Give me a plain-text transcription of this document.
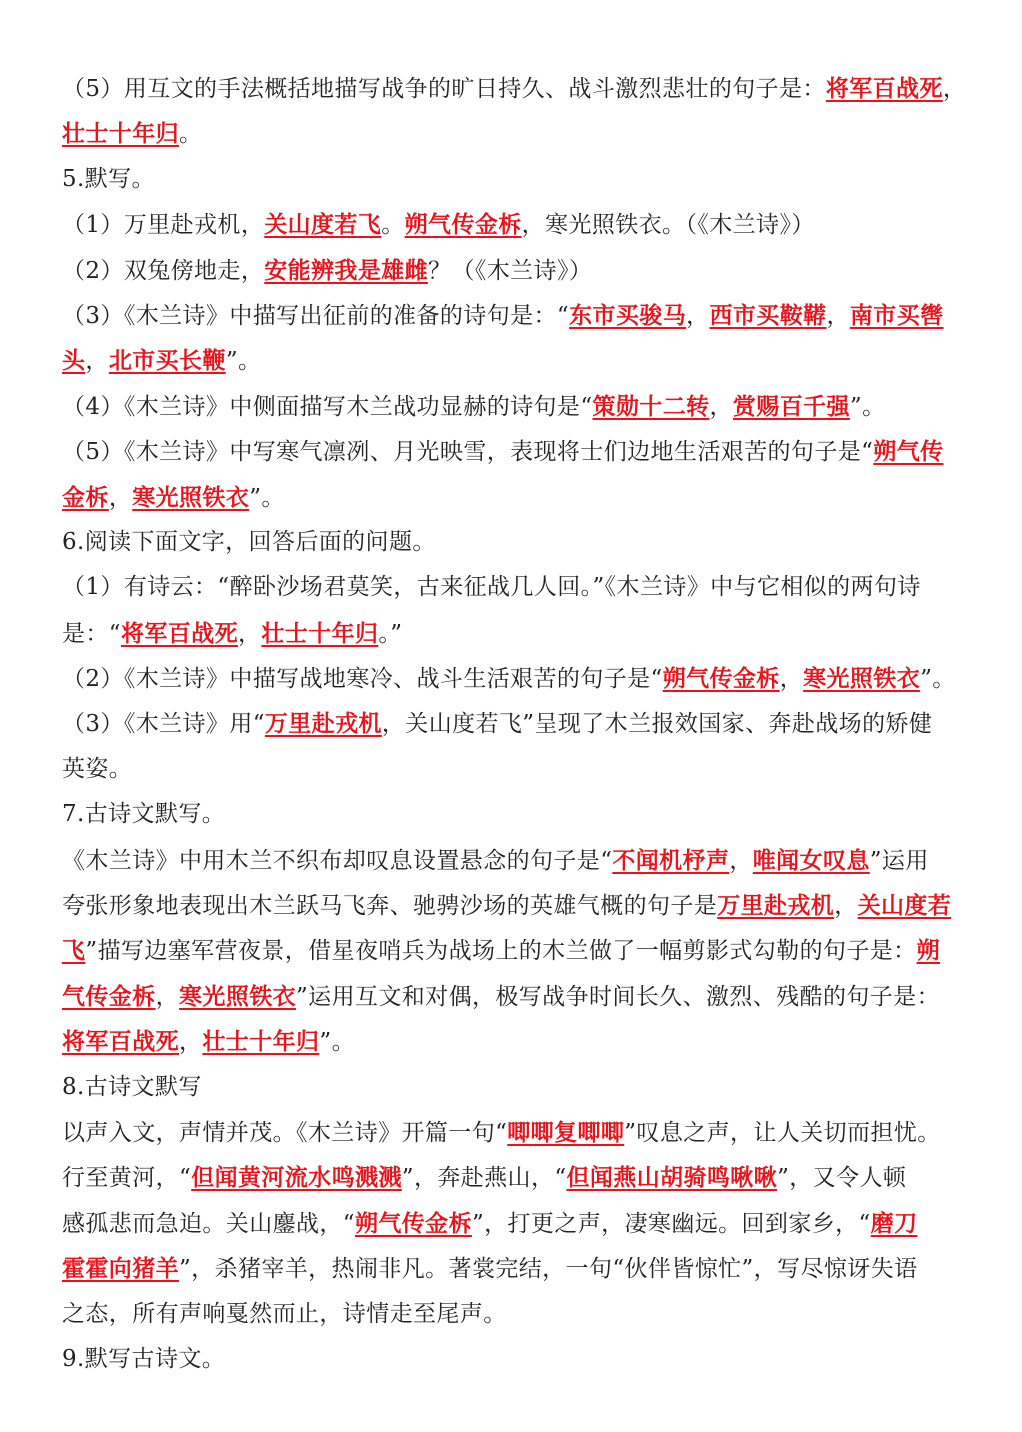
（5）用互文的手法概括地描写战争的旷日持久、战斗激烈悲壮的句子是：将军百战死，
壮士十年归。
5.默写。
（1）万里赴戎机，关山度若飞。朔气传金柝，寒光照铁衣。（《木兰诗》）
（2）双兔傍地走，安能辨我是雄雌？（《木兰诗》）
（3）《木兰诗》中描写出征前的准备的诗句是：“东市买骏马，西市买鞍鞯，南市买辔
头，北市买长鞭”。
（4）《木兰诗》中侧面描写木兰战功显赫的诗句是“策勋十二转，赏赐百千强”。
（5）《木兰诗》中写寒气凛冽、月光映雪，表现将士们边地生活艰苦的句子是“朔气传
金柝，寒光照铁衣”。
6.阅读下面文字，回答后面的问题。
（1）有诗云：“醉卧沙场君莫笑，古来征战几人回。”《木兰诗》中与它相似的两句诗
是：“将军百战死，壮士十年归。”
（2）《木兰诗》中描写战地寒冷、战斗生活艰苦的句子是“朔气传金柝，寒光照铁衣”。
（3）《木兰诗》用“万里赴戎机，关山度若飞”呈现了木兰报效国家、奔赴战场的矫健
英姿。
7.古诗文默写。
《木兰诗》中用木兰不织布却叹息设置悬念的句子是“不闻机杼声，唯闻女叹息”运用
夸张形象地表现出木兰跃马飞奔、驰骋沙场的英雄气概的句子是万里赴戎机，关山度若
飞”描写边塞军营夜景，借星夜哨兵为战场上的木兰做了一幅剪影式勾勒的句子是：朔
气传金柝，寒光照铁衣”运用互文和对偶，极写战争时间长久、激烈、残酷的句子是：
将军百战死，壮士十年归”。
8.古诗文默写
以声入文，声情并茂。《木兰诗》开篇一句“唧唧复唧唧”叹息之声，让人关切而担忧。
行至黄河，“但闻黄河流水鸣溅溅”，奔赴燕山，“但闻燕山胡骑鸣啾啾”，又令人顿
感孤悲而急迫。关山鏖战，“朔气传金柝”，打更之声，凄寒幽远。回到家乡，“磨刀
霍霍向猪羊”，杀猪宰羊，热闹非凡。著裳完结，一句“伙伴皆惊忙”，写尽惊讶失语
之态，所有声响戛然而止，诗情走至尾声。
9.默写古诗文。
